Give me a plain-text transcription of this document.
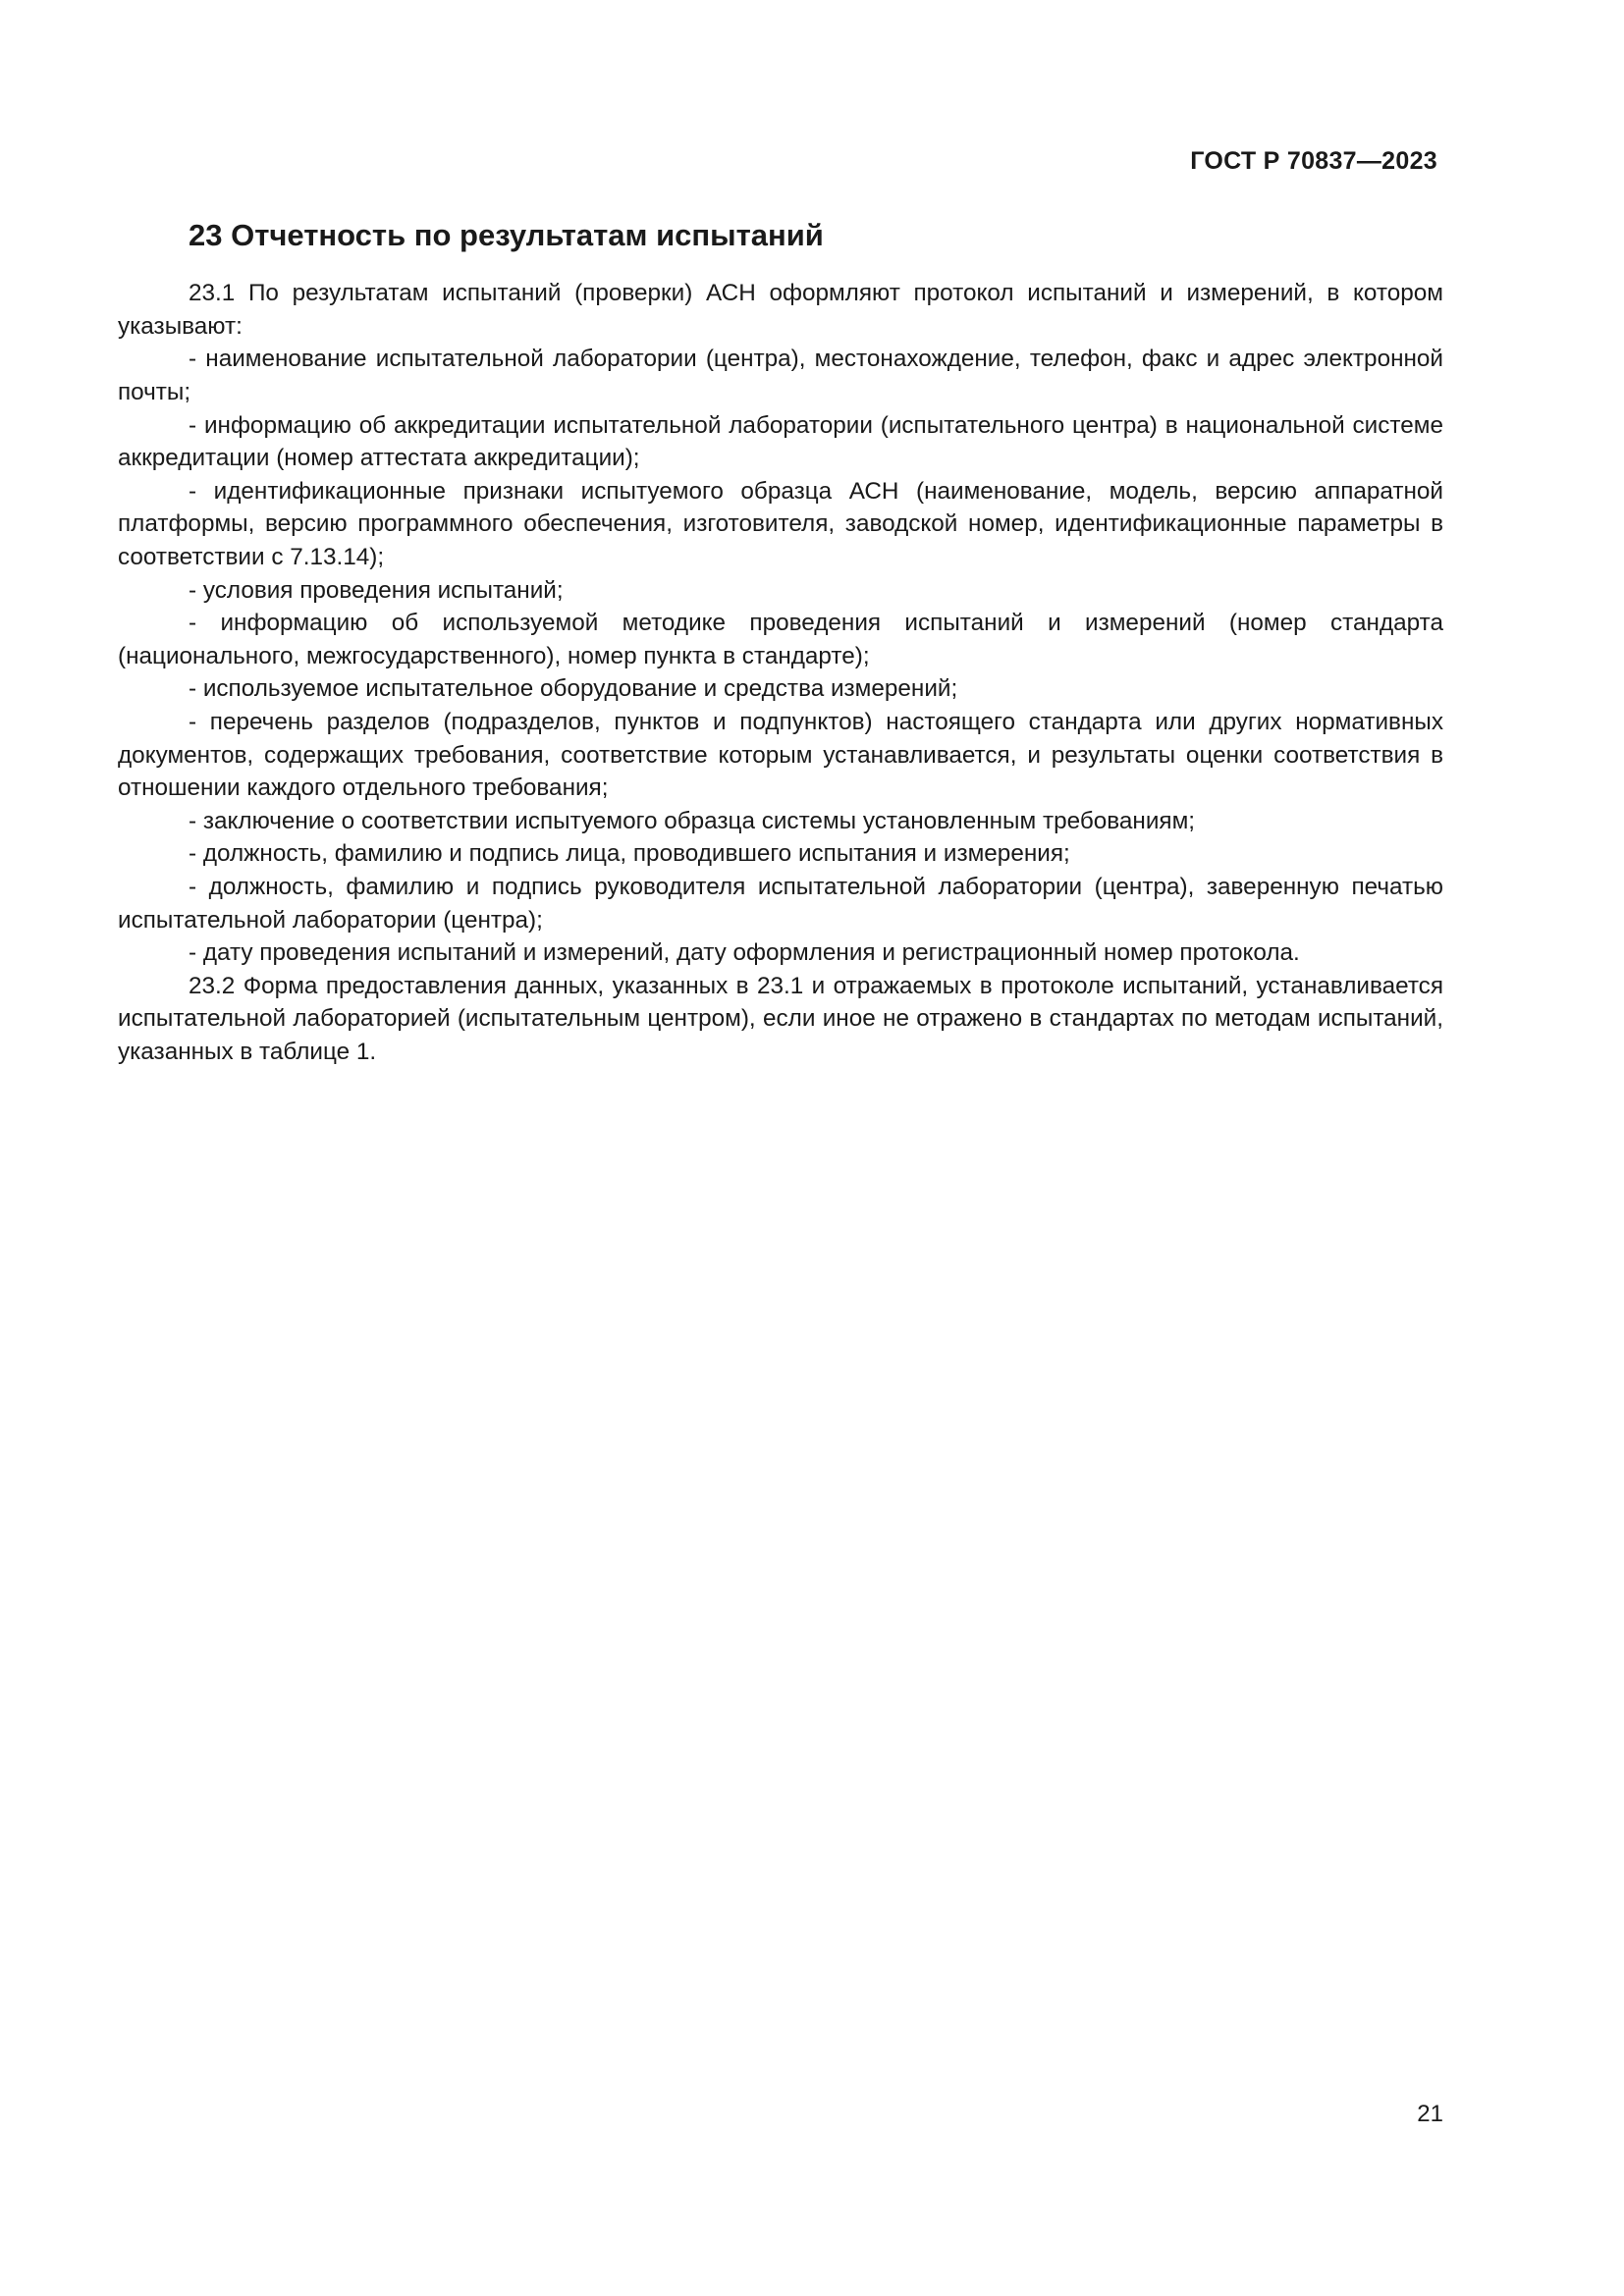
ГОСТ Р 70837—2023
23 Отчетность по результатам испытаний

23.1 По результатам испытаний (проверки) АСН оформляют протокол испытаний и измерений, в котором указывают:

- наименование испытательной лаборатории (центра), местонахождение, телефон, факс и адрес электронной почты;
- информацию об аккредитации испытательной лаборатории (испытательного центра) в национальной системе аккредитации (номер аттестата аккредитации);
- идентификационные признаки испытуемого образца АСН (наименование, модель, версию аппаратной платформы, версию программного обеспечения, изготовителя, заводской номер, идентификационные параметры в соответствии с 7.13.14);
- условия проведения испытаний;
- информацию об используемой методике проведения испытаний и измерений (номер стандарта (национального, межгосударственного), номер пункта в стандарте);
- используемое испытательное оборудование и средства измерений;
- перечень разделов (подразделов, пунктов и подпунктов) настоящего стандарта или других нормативных документов, содержащих требования, соответствие которым устанавливается, и результаты оценки соответствия в отношении каждого отдельного требования;
- заключение о соответствии испытуемого образца системы установленным требованиям;
- должность, фамилию и подпись лица, проводившего испытания и измерения;
- должность, фамилию и подпись руководителя испытательной лаборатории (центра), заверенную печатью испытательной лаборатории (центра);
- дату проведения испытаний и измерений, дату оформления и регистрационный номер протокола.

23.2 Форма предоставления данных, указанных в 23.1 и отражаемых в протоколе испытаний, устанавливается испытательной лабораторией (испытательным центром), если иное не отражено в стандартах по методам испытаний, указанных в таблице 1.

21
